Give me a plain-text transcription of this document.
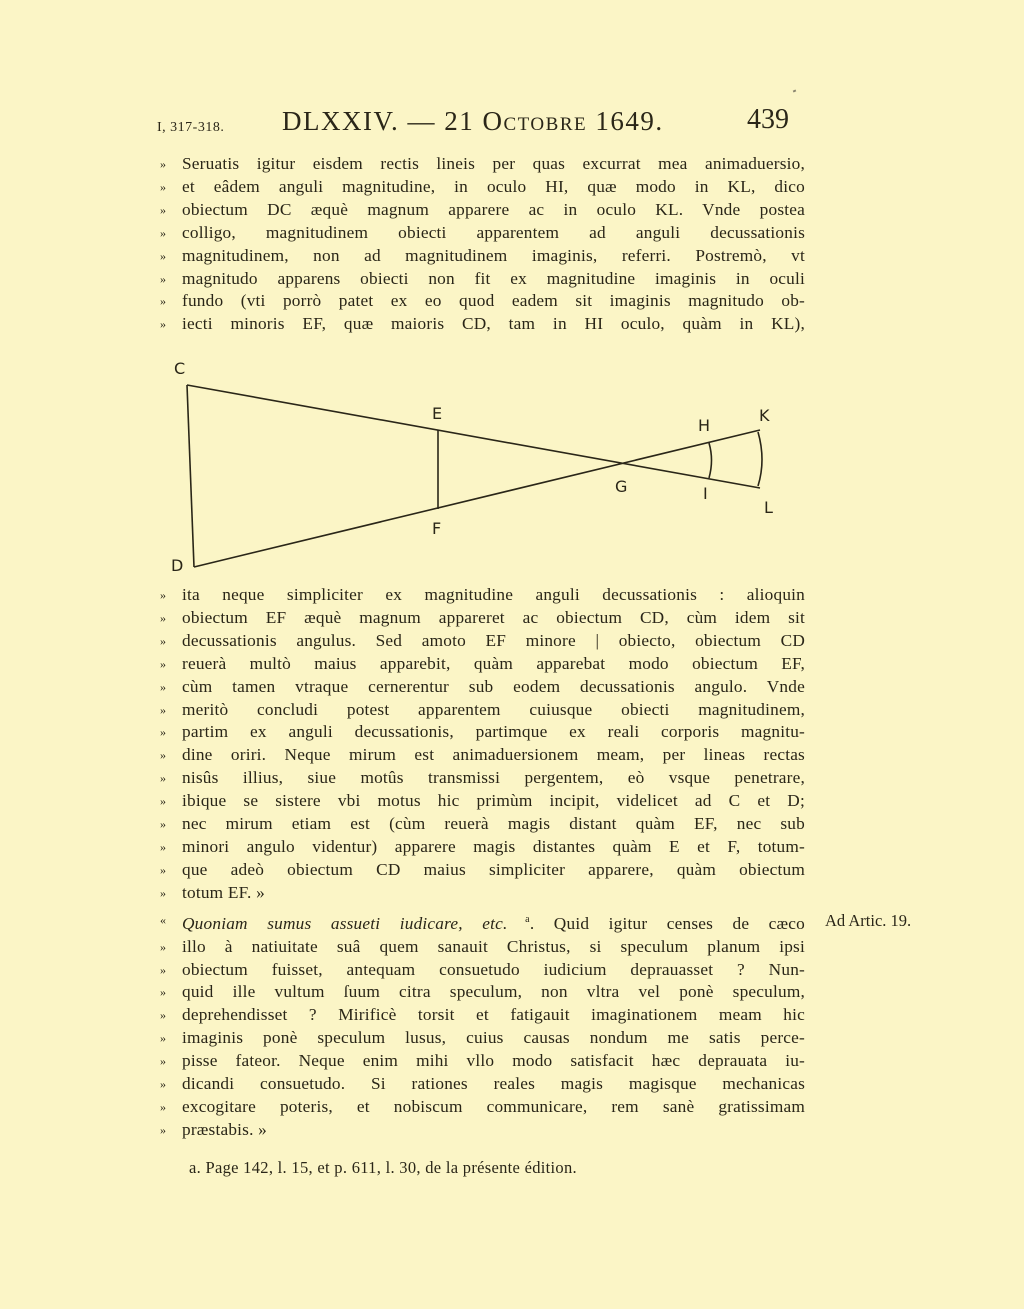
I, 317-318. DLXXIV. — 21 Octobre 1649.	439
» Seruatis igitur eisdem rectis lineis per quas excurrat mea animaduersio,
» et eâdem anguli magnitudine, in oculo HI, quæ modo in KL, dico
» obiectum DC æquè magnum apparere ac in oculo KL. Vnde postea
» colligo, magnitudinem obiecti apparentem ad anguli decussationis
» magnitudinem, non ad magnitudinem imaginis, referri. Postremò, vt
» magnitudo apparens obiecti non fit ex magnitudine imaginis in oculi
» fundo (vti porrò patet ex eo quod eadem sit imaginis magnitudo ob-
» iecti minoris EF, quæ maioris CD, tam in HI oculo, quàm in KL),
C
D
E
F
G
H
I
K
L
» ita neque simpliciter ex magnitudine anguli decussationis : alioquin
» obiectum EF æquè magnum appareret ac obiectum CD, cùm idem sit
» decussationis angulus. Sed amoto EF minore | obiecto, obiectum CD
» reuerà multò maius apparebit, quàm apparebat modo obiectum EF,
» cùm tamen vtraque cernerentur sub eodem decussationis angulo. Vnde
» meritò concludi potest apparentem cuiusque obiecti magnitudinem,
» partim ex anguli decussationis, partimque ex reali corporis magnitu-
» dine oriri. Neque mirum est animaduersionem meam, per lineas rectas
» nisûs illius, siue motûs transmissi pergentem, eò vsque penetrare,
» ibique se sistere vbi motus hic primùm incipit, videlicet ad C et D;
» nec mirum etiam est (cùm reuerà magis distant quàm EF, nec sub
» minori angulo videntur) apparere magis distantes quàm E et F, totum-
» que adeò obiectum CD maius simpliciter apparere, quàm obiectum
» totum EF. »
« Quoniam sumus assueti iudicare, etc. $^a$. Quid igitur censes de cæco
» illo à natiuitate suâ quem sanauit Christus, si speculum planum ipsi
» obiectum fuisset, antequam consuetudo iudicium deprauasset ? Nun-
» quid ille vultum ſuum citra speculum, non vltra vel ponè speculum,
» deprehendisset ? Mirificè torsit et fatigauit imaginationem meam hic
» imaginis ponè speculum lusus, cuius causas nondum me satis perce-
» pisse fateor. Neque enim mihi vllo modo satisfacit hæc deprauata iu-
» dicandi consuetudo. Si rationes reales magis magisque mechanicas
» excogitare poteris, et nobiscum communicare, rem sanè gratissimam
» præstabis. »
Ad Artic. 19.
a. Page 142, l. 15, et p. 611, l. 30, de la présente édition.
